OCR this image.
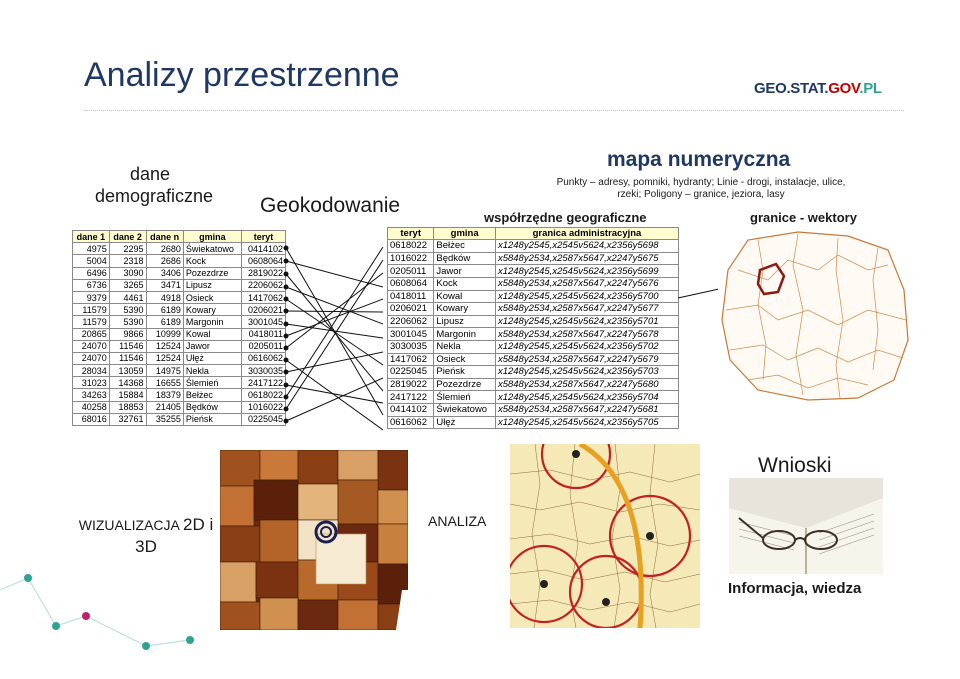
Analizy przestrzenne	GEO.STAT.GOV.PL
dane demograficzne Geokodowanie
mapa numeryczna
Punkty – adresy, pomniki, hydranty; Linie - drogi, instalacje, ulice, rzeki; Poligony – granice, jeziora, lasy
współrzędne geograficzne	granice - wektory
dane 1	dane 2	dane n	gmina	teryt
4975	2295	2680	Świekatowo	0414102
5004	2318	2686	Kock	0608064
6496	3090	3406	Pozezdrze	2819022
6736	3265	3471	Lipusz	2206062
9379	4461	4918	Osieck	1417062
11579	5390	6189	Kowary	0206021
11579	5390	6189	Margonin	3001045
20865	9866	10999	Kowal	0418011
24070	11546	12524	Jawor	0205011
24070	11546	12524	Ułęż	0616062
28034	13059	14975	Nekla	3030035
31023	14368	16655	Ślemień	2417122
34263	15884	18379	Bełżec	0618022
40258	18853	21405	Będków	1016022
68016	32761	35255	Pieńsk	0225045
teryt	gmina	granica administracyjna
0618022	Bełżec	x1248y2545,x2545v5624,x2356y5698
1016022	Będków	x5848y2534,x2587x5647,x2247y5675
0205011	Jawor	x1248y2545,x2545v5624,x2356y5699
0608064	Kock	x5848y2534,x2587x5647,x2247y5676
0418011	Kowal	x1248y2545,x2545v5624,x2356y5700
0206021	Kowary	x5848y2534,x2587x5647,x2247y5677
2206062	Lipusz	x1248y2545,x2545v5624,x2356y5701
3001045	Margonin	x5848y2534,x2587x5647,x2247y5678
3030035	Nekla	x1248y2545,x2545v5624,x2356y5702
1417062	Osieck	x5848y2534,x2587x5647,x2247y5679
0225045	Pieńsk	x1248y2545,x2545v5624,x2356y5703
2819022	Pozezdrze	x5848y2534,x2587x5647,x2247y5680
2417122	Ślemień	x1248y2545,x2545v5624,x2356y5704
0414102	Świekatowo	x5848y2534,x2587x5647,x2247y5681
0616062	Ułęż	x1248y2545,x2545v5624,x2356y5705
Wnioski
Informacja, wiedza
WIZUALIZACJA 2D i
3D
ANALIZA
